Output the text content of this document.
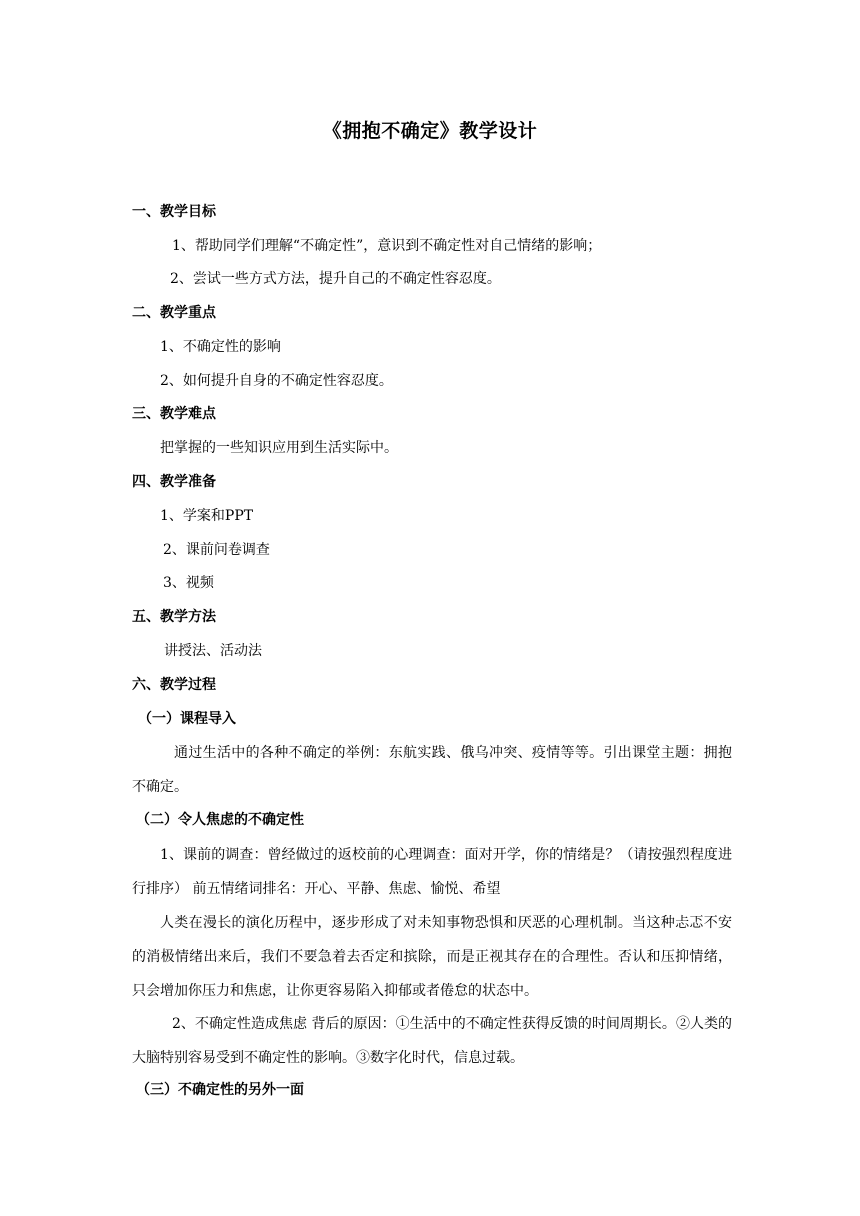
《拥抱不确定》教学设计
一、教学目标
1、帮助同学们理解“不确定性”，意识到不确定性对自己情绪的影响；
2、尝试一些方式方法，提升自己的不确定性容忍度。
二、教学重点
1、不确定性的影响
2、如何提升自身的不确定性容忍度。
三、教学难点
把掌握的一些知识应用到生活实际中。
四、教学准备
1、学案和PPT
2、课前问卷调查
3、视频
五、教学方法
讲授法、活动法
六、教学过程
（一）课程导入
通过生活中的各种不确定的举例：东航实践、俄乌冲突、疫情等等。引出课堂主题：拥抱不确定。
（二）令人焦虑的不确定性
1、课前的调查：曾经做过的返校前的心理调查：面对开学，你的情绪是？（请按强烈程度进行排序） 前五情绪词排名：开心、平静、焦虑、愉悦、希望
人类在漫长的演化历程中，逐步形成了对未知事物恐惧和厌恶的心理机制。当这种忐忑不安的消极情绪出来后，我们不要急着去否定和摈除，而是正视其存在的合理性。否认和压抑情绪，只会增加你压力和焦虑，让你更容易陷入抑郁或者倦怠的状态中。
2、不确定性造成焦虑 背后的原因：①生活中的不确定性获得反馈的时间周期长。②人类的大脑特别容易受到不确定性的影响。③数字化时代，信息过载。
（三）不确定性的另外一面
